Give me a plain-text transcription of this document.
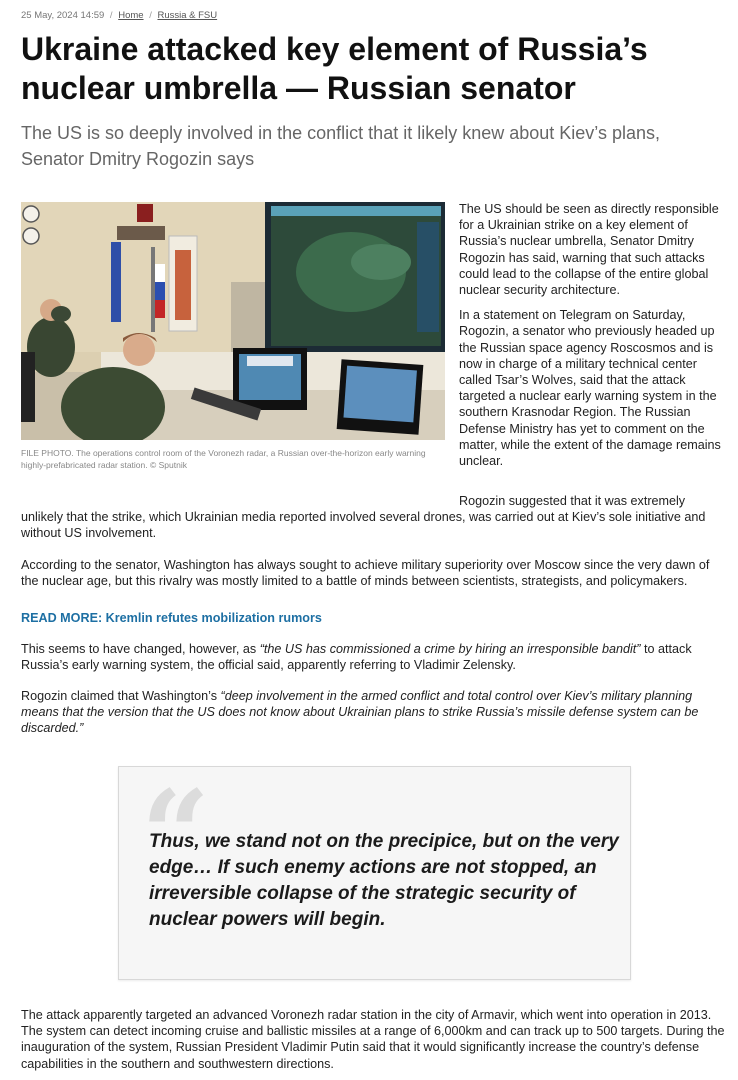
25 May, 2024 14:59 / Home / Russia & FSU
Ukraine attacked key element of Russia’s nuclear umbrella — Russian senator

The US is so deeply involved in the conflict that it likely knew about Kiev’s plans, Senator Dmitry Rogozin says

FILE PHOTO. The operations control room of the Voronezh radar, a Russian over-the-horizon early warning highly-prefabricated radar station. © Sputnik

The US should be seen as directly responsible for a Ukrainian strike on a key element of Russia’s nuclear umbrella, Senator Dmitry Rogozin has said, warning that such attacks could lead to the collapse of the entire global nuclear security architecture.

In a statement on Telegram on Saturday, Rogozin, a senator who previously headed up the Russian space agency Roscosmos and is now in charge of a military technical center called Tsar’s Wolves, said that the attack targeted a nuclear early warning system in the southern Krasnodar Region. The Russian Defense Ministry has yet to comment on the matter, while the extent of the damage remains unclear.

Rogozin suggested that it was extremely

unlikely that the strike, which Ukrainian media reported involved several drones, was carried out at Kiev’s sole initiative and without US involvement.

According to the senator, Washington has always sought to achieve military superiority over Moscow since the very dawn of the nuclear age, but this rivalry was mostly limited to a battle of minds between scientists, strategists, and policymakers.

READ MORE: Kremlin refutes mobilization rumors

This seems to have changed, however, as “the US has commissioned a crime by hiring an irresponsible bandit” to attack Russia’s early warning system, the official said, apparently referring to Vladimir Zelensky.

Rogozin claimed that Washington’s “deep involvement in the armed conflict and total control over Kiev’s military planning means that the version that the US does not know about Ukrainian plans to strike Russia’s missile defense system can be discarded.”

“
Thus, we stand not on the precipice, but on the very edge… If such enemy actions are not stopped, an irreversible collapse of the strategic security of nuclear powers will begin.

The attack apparently targeted an advanced Voronezh radar station in the city of Armavir, which went into operation in 2013. The system can detect incoming cruise and ballistic missiles at a range of 6,000km and can track up to 500 targets. During the inauguration of the system, Russian President Vladimir Putin said that it would significantly increase the country’s defense capabilities in the southern and southwestern directions.
